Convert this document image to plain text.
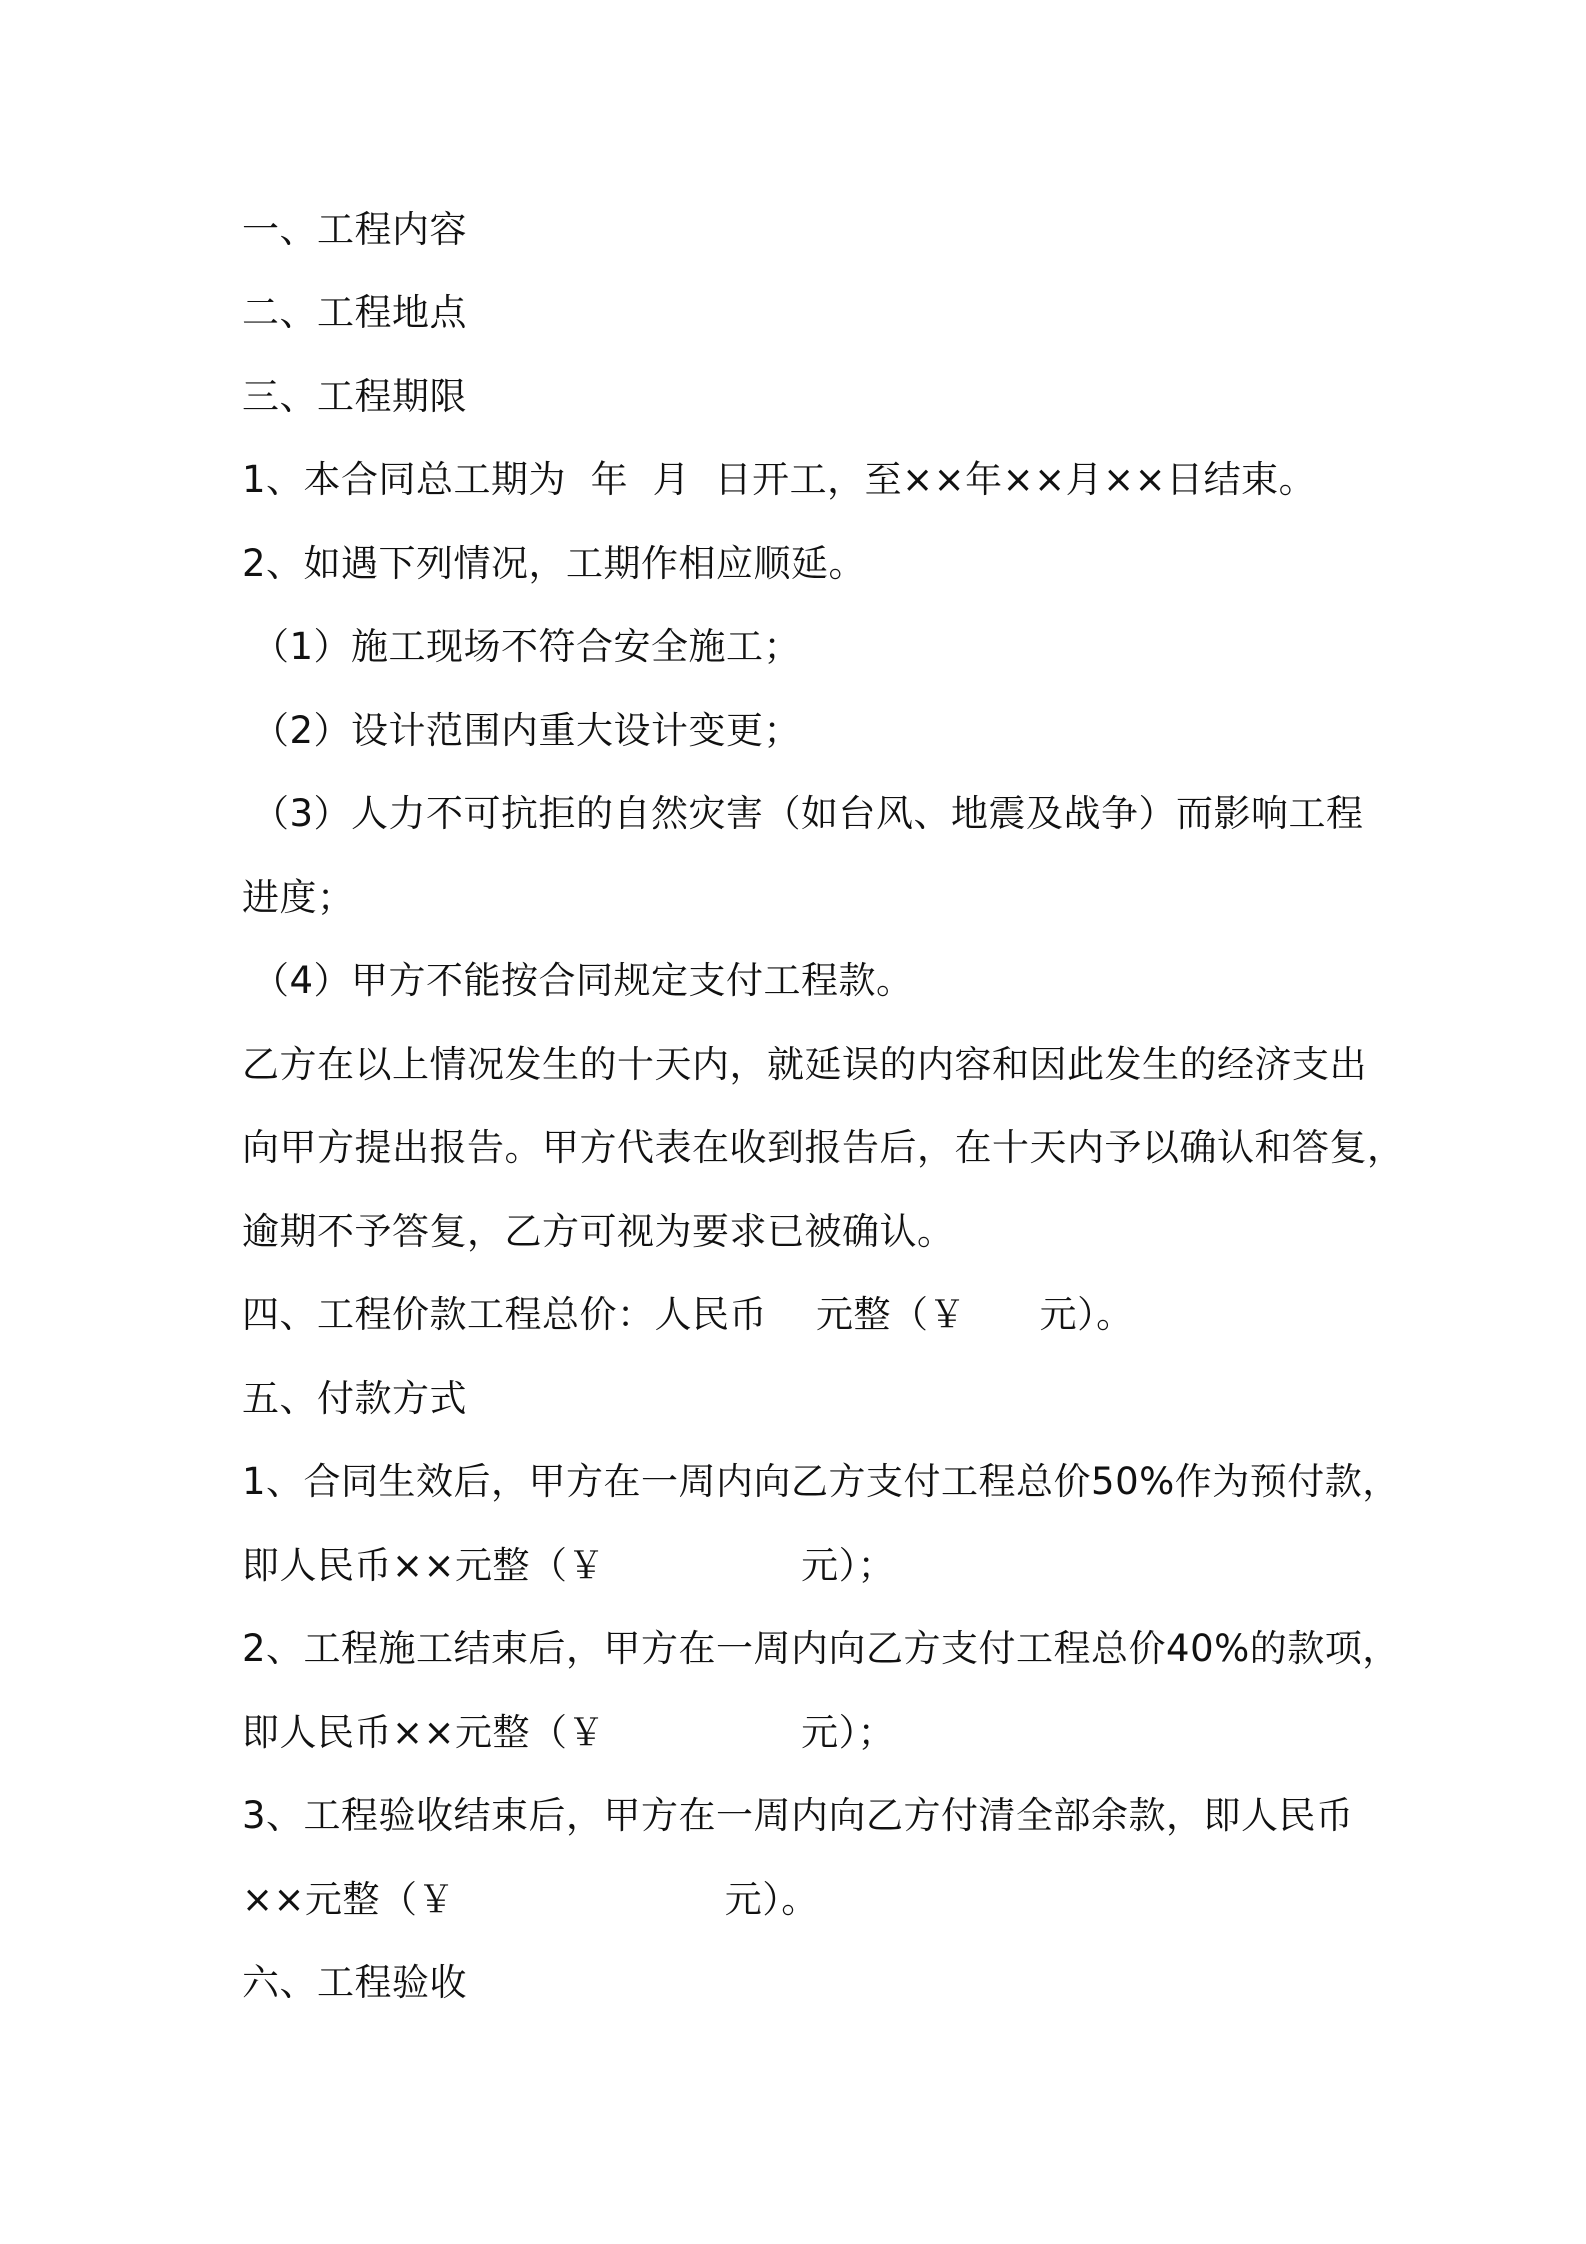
一、工程内容
二、工程地点
三、工程期限
1、本合同总工期为  年  月  日开工，至××年××月××日结束。
2、如遇下列情况，工期作相应顺延。
（1）施工现场不符合安全施工；
（2）设计范围内重大设计变更；
（3）人力不可抗拒的自然灾害（如台风、地震及战争）而影响工程
进度；
（4）甲方不能按合同规定支付工程款。
乙方在以上情况发生的十天内，就延误的内容和因此发生的经济支出
向甲方提出报告。甲方代表在收到报告后，在十天内予以确认和答复，
逾期不予答复，乙方可视为要求已被确认。
四、工程价款工程总价：人民币    元整（￥      元）。
五、付款方式
1、合同生效后，甲方在一周内向乙方支付工程总价50%作为预付款，
即人民币××元整（￥                元）；
2、工程施工结束后，甲方在一周内向乙方支付工程总价40%的款项，
即人民币××元整（￥                元）；
3、工程验收结束后，甲方在一周内向乙方付清全部余款，即人民币
××元整（￥                      元）。
六、工程验收
